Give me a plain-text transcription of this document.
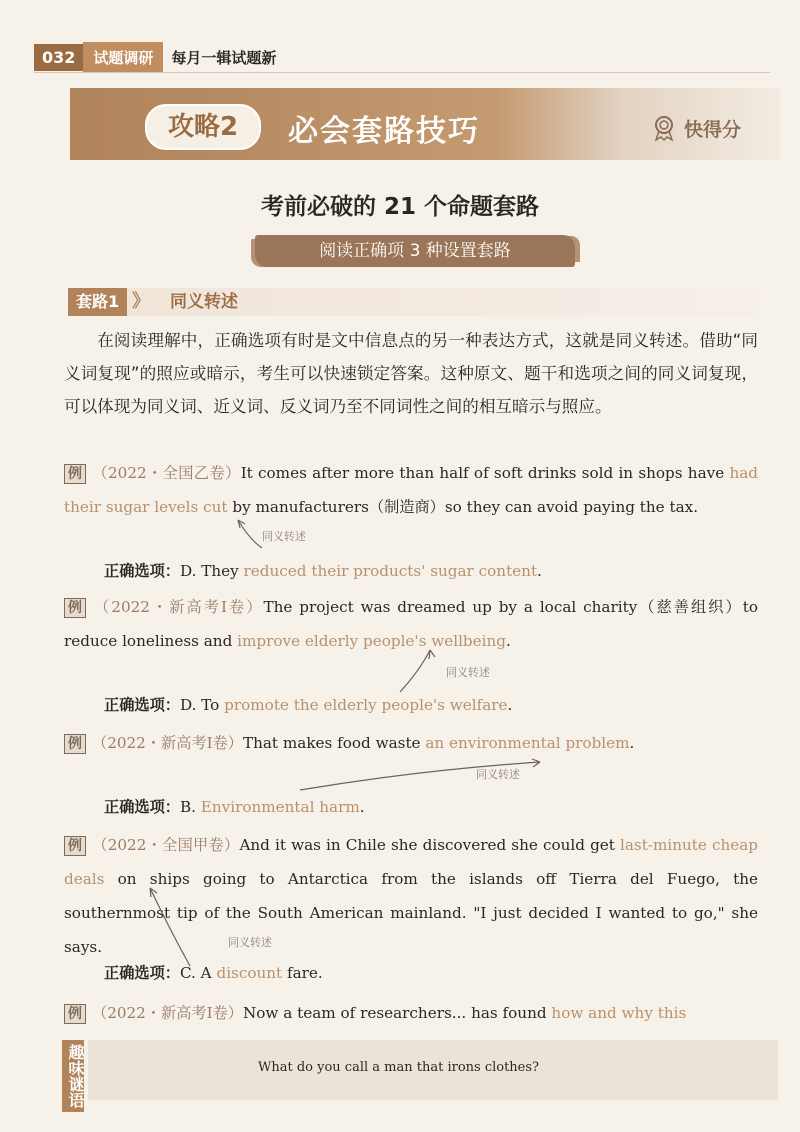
032	试题调研	每月一辑试题新
攻略2	必会套路技巧	快得分
考前必破的 21 个命题套路
阅读正确项 3 种设置套路
套路1 》 同义转述
在阅读理解中，正确选项有时是文中信息点的另一种表达方式，这就是同义转述。借助“同义词复现”的照应或暗示，考生可以快速锁定答案。这种原文、题干和选项之间的同义词复现，可以体现为同义词、近义词、反义词乃至不同词性之间的相互暗示与照应。
例 （2022・全国乙卷）It comes after more than half of soft drinks sold in shops have had their sugar levels cut by manufacturers（制造商）so they can avoid paying the tax.
同义转述
正确选项：D. They reduced their products' sugar content.
例 （2022・新高考Ⅰ卷）The project was dreamed up by a local charity（慈善组织）to reduce loneliness and improve elderly people's wellbeing.
同义转述
正确选项：D. To promote the elderly people's welfare.
例 （2022・新高考Ⅰ卷）That makes food waste an environmental problem.
同义转述
正确选项：B. Environmental harm.
例 （2022・全国甲卷）And it was in Chile she discovered she could get last-minute cheap deals on ships going to Antarctica from the islands off Tierra del Fuego, the southernmost tip of the South American mainland. "I just decided I wanted to go," she says.	同义转述
正确选项：C. A discount fare.
例 （2022・新高考Ⅰ卷）Now a team of researchers... has found how and why this
趣味谜语	What do you call a man that irons clothes?
